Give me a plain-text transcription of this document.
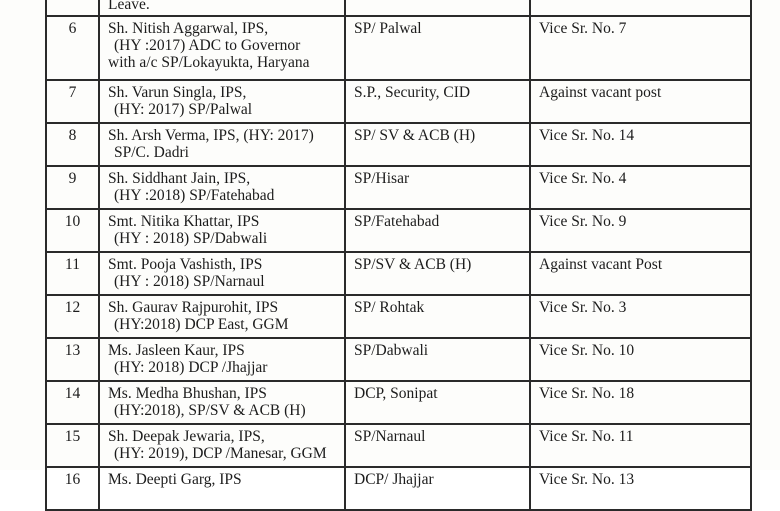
	Leave.		
6	Sh. Nitish Aggarwal, IPS,
(HY :2017) ADC to Governor
with a/c SP/Lokayukta, Haryana	SP/ Palwal	Vice Sr. No. 7
7	Sh. Varun Singla, IPS,
(HY: 2017) SP/Palwal	S.P., Security, CID	Against vacant post
8	Sh. Arsh Verma, IPS, (HY: 2017)
SP/C. Dadri	SP/ SV & ACB (H)	Vice Sr. No. 14
9	Sh. Siddhant Jain, IPS,
(HY :2018) SP/Fatehabad	SP/Hisar	Vice Sr. No. 4
10	Smt. Nitika Khattar, IPS
(HY : 2018) SP/Dabwali	SP/Fatehabad	Vice Sr. No. 9
11	Smt. Pooja Vashisth, IPS
(HY : 2018) SP/Narnaul	SP/SV & ACB (H)	Against vacant Post
12	Sh. Gaurav Rajpurohit, IPS
(HY:2018) DCP East, GGM	SP/ Rohtak	Vice Sr. No. 3
13	Ms. Jasleen Kaur, IPS
(HY: 2018) DCP /Jhajjar	SP/Dabwali	Vice Sr. No. 10
14	Ms. Medha Bhushan, IPS
(HY:2018), SP/SV & ACB (H)	DCP, Sonipat	Vice Sr. No. 18
15	Sh. Deepak Jewaria, IPS,
(HY: 2019), DCP /Manesar, GGM	SP/Narnaul	Vice Sr. No. 11
16	Ms. Deepti Garg, IPS	DCP/ Jhajjar	Vice Sr. No. 13
